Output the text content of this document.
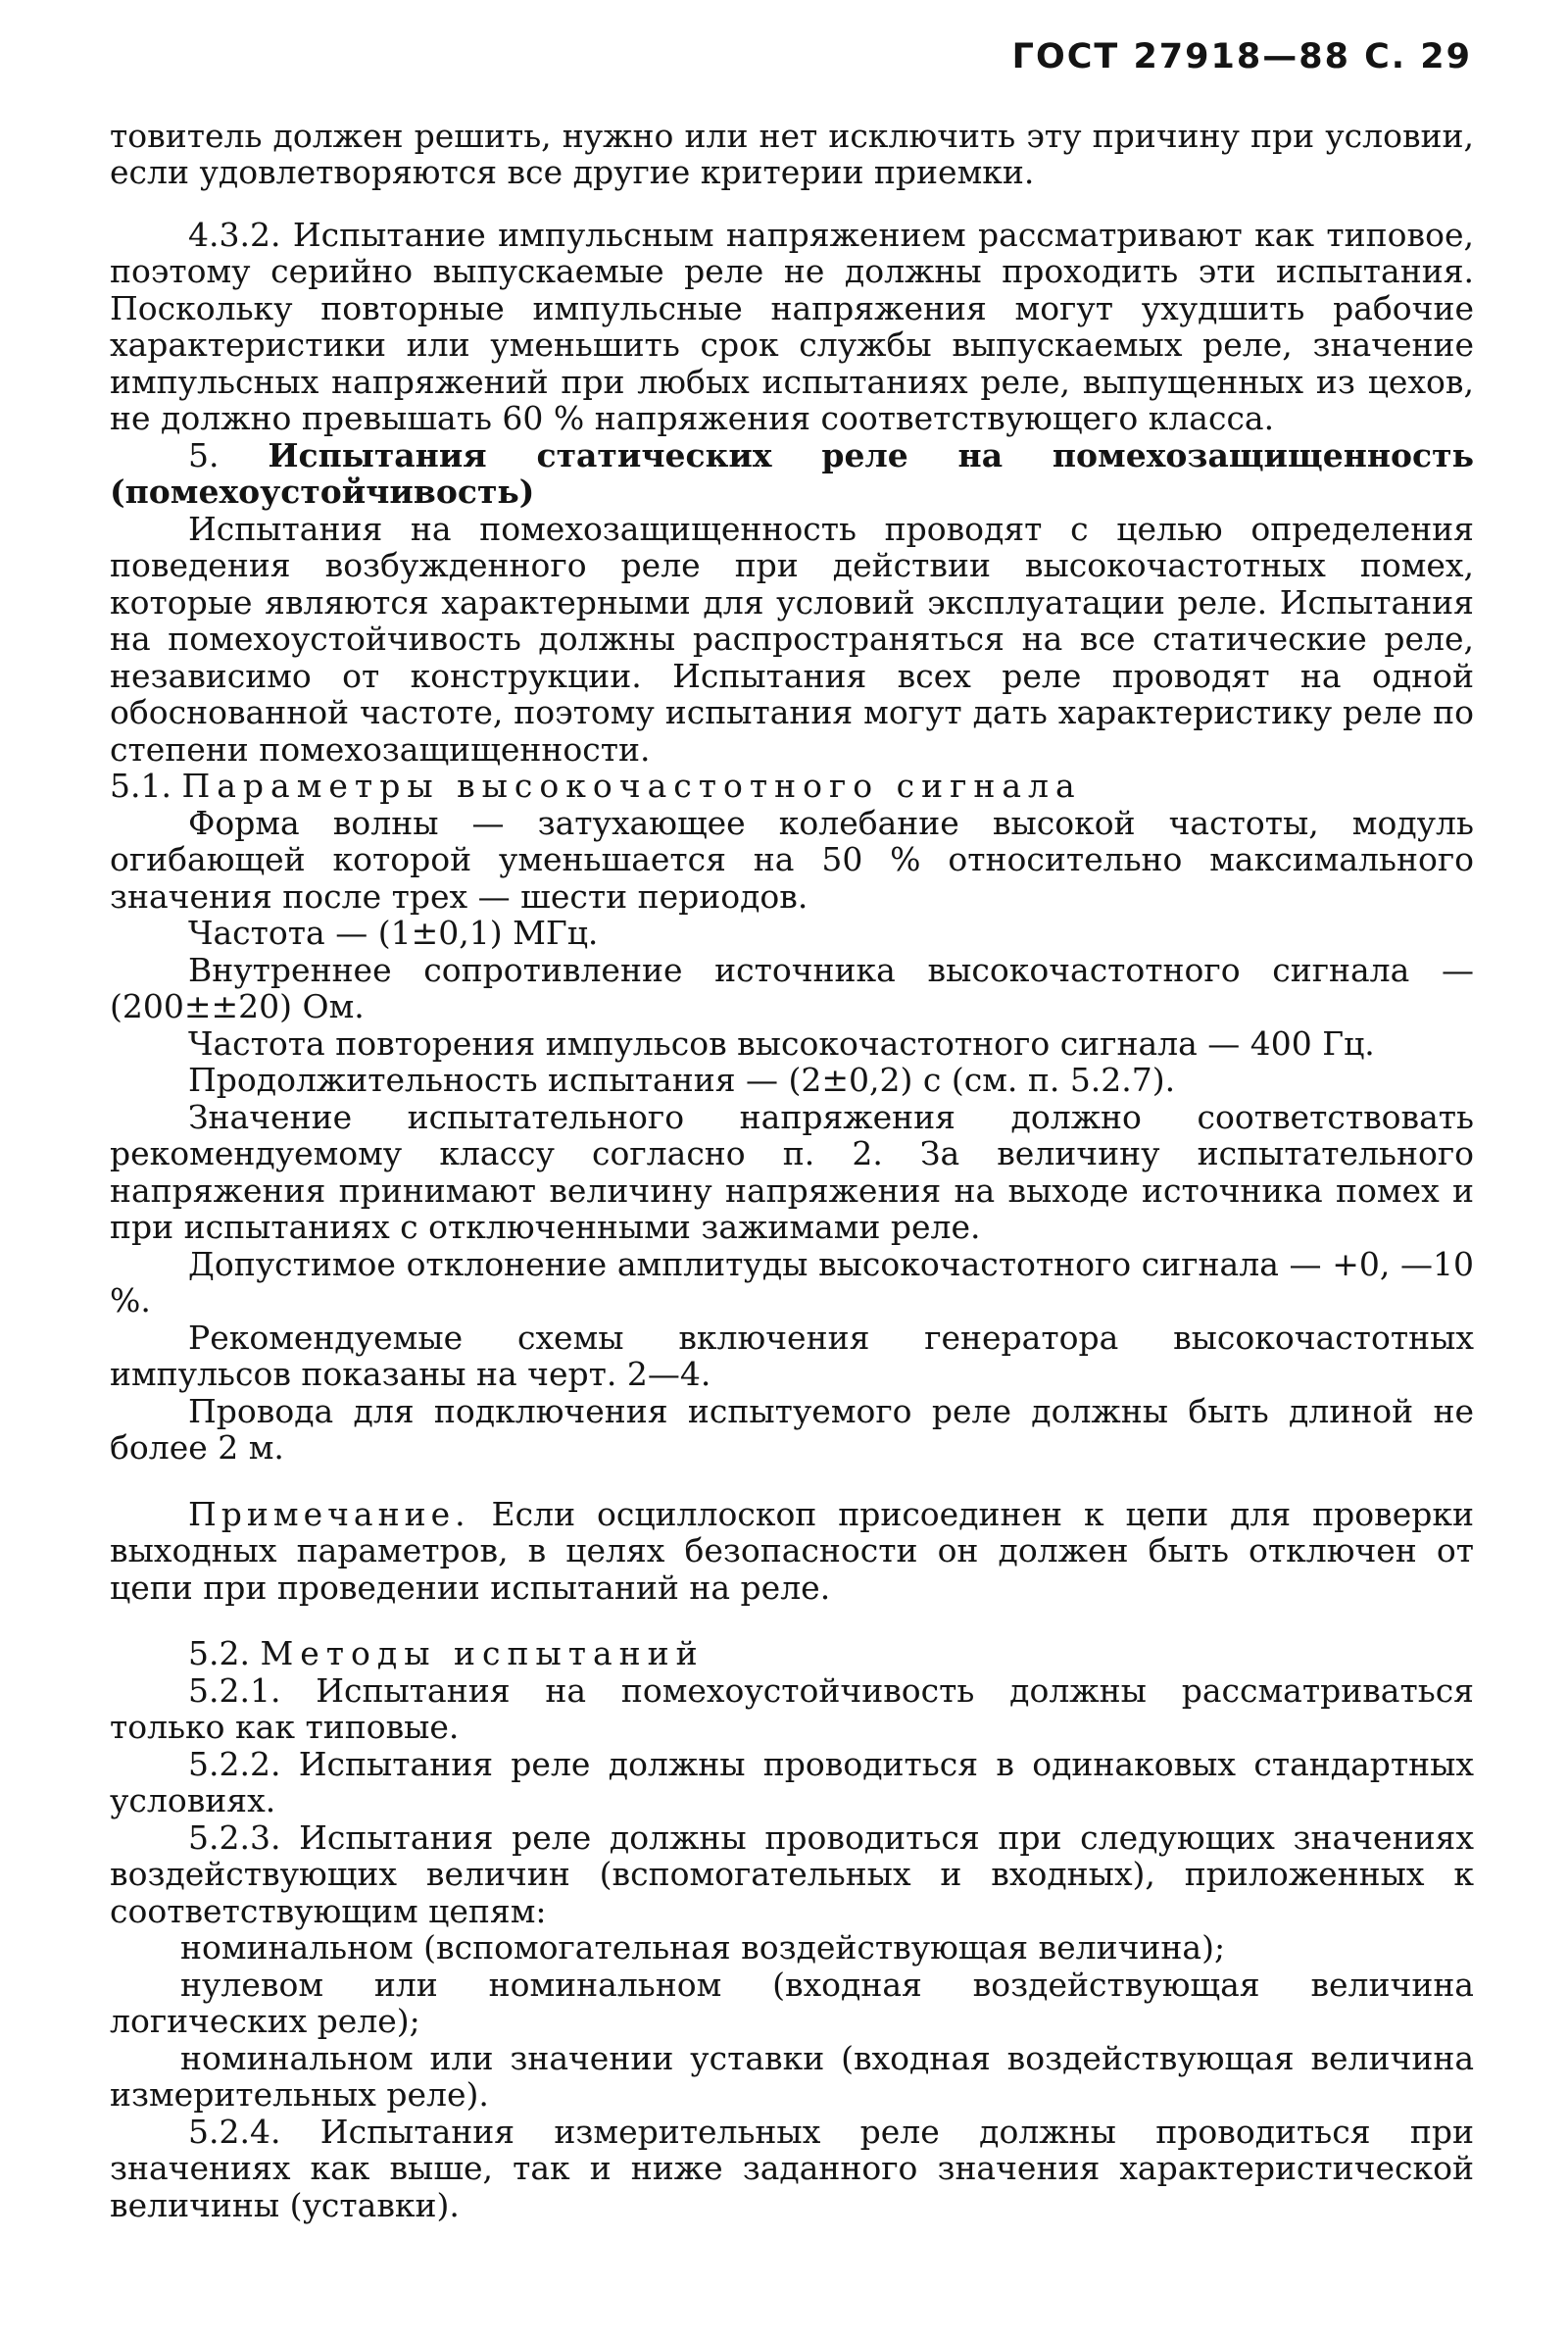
ГОСТ 27918—88 С. 29

товитель должен решить, нужно или нет исключить эту причину при условии, если удовлетворяются все другие критерии приемки.

4.3.2. Испытание импульсным напряжением рассматривают как типовое, поэтому серийно выпускаемые реле не должны проходить эти испытания. Поскольку повторные импульсные напряжения могут ухудшить рабочие характеристики или уменьшить срок службы выпускаемых реле, значение импульсных напряжений при любых испытаниях реле, выпущенных из цехов, не должно превышать 60 % напряжения соответствующего класса.

5. Испытания статических реле на помехозащищенность (помехоустойчивость)

Испытания на помехозащищенность проводят с целью определения поведения возбужденного реле при действии высокочастотных помех, которые являются характерными для условий эксплуатации реле. Испытания на помехоустойчивость должны распространяться на все статические реле, независимо от конструкции. Испытания всех реле проводят на одной обоснованной частоте, поэтому испытания могут дать характеристику реле по степени помехозащищенности.

5.1. Параметры высокочастотного сигнала

Форма волны — затухающее колебание высокой частоты, модуль огибающей которой уменьшается на 50 % относительно максимального значения после трех — шести периодов.

Частота — (1±0,1) МГц.

Внутреннее сопротивление источника высокочастотного сигнала — (200±±20) Ом.

Частота повторения импульсов высокочастотного сигнала — 400 Гц.

Продолжительность испытания — (2±0,2) с (см. п. 5.2.7).

Значение испытательного напряжения должно соответствовать рекомендуемому классу согласно п. 2. За величину испытательного напряжения принимают величину напряжения на выходе источника помех и при испытаниях с отключенными зажимами реле.

Допустимое отклонение амплитуды высокочастотного сигнала — +0, —10 %.

Рекомендуемые схемы включения генератора высокочастотных импульсов показаны на черт. 2—4.

Провода для подключения испытуемого реле должны быть длиной не более 2 м.

Примечание. Если осциллоскоп присоединен к цепи для проверки выходных параметров, в целях безопасности он должен быть отключен от цепи при проведении испытаний на реле.

5.2. Методы испытаний

5.2.1. Испытания на помехоустойчивость должны рассматриваться только как типовые.

5.2.2. Испытания реле должны проводиться в одинаковых стандартных условиях.

5.2.3. Испытания реле должны проводиться при следующих значениях воздействующих величин (вспомогательных и входных), приложенных к соответствующим цепям:

номинальном (вспомогательная воздействующая величина);

нулевом или номинальном (входная воздействующая величина логических реле);

номинальном или значении уставки (входная воздействующая величина измерительных реле).

5.2.4. Испытания измерительных реле должны проводиться при значениях как выше, так и ниже заданного значения характеристической величины (уставки).
